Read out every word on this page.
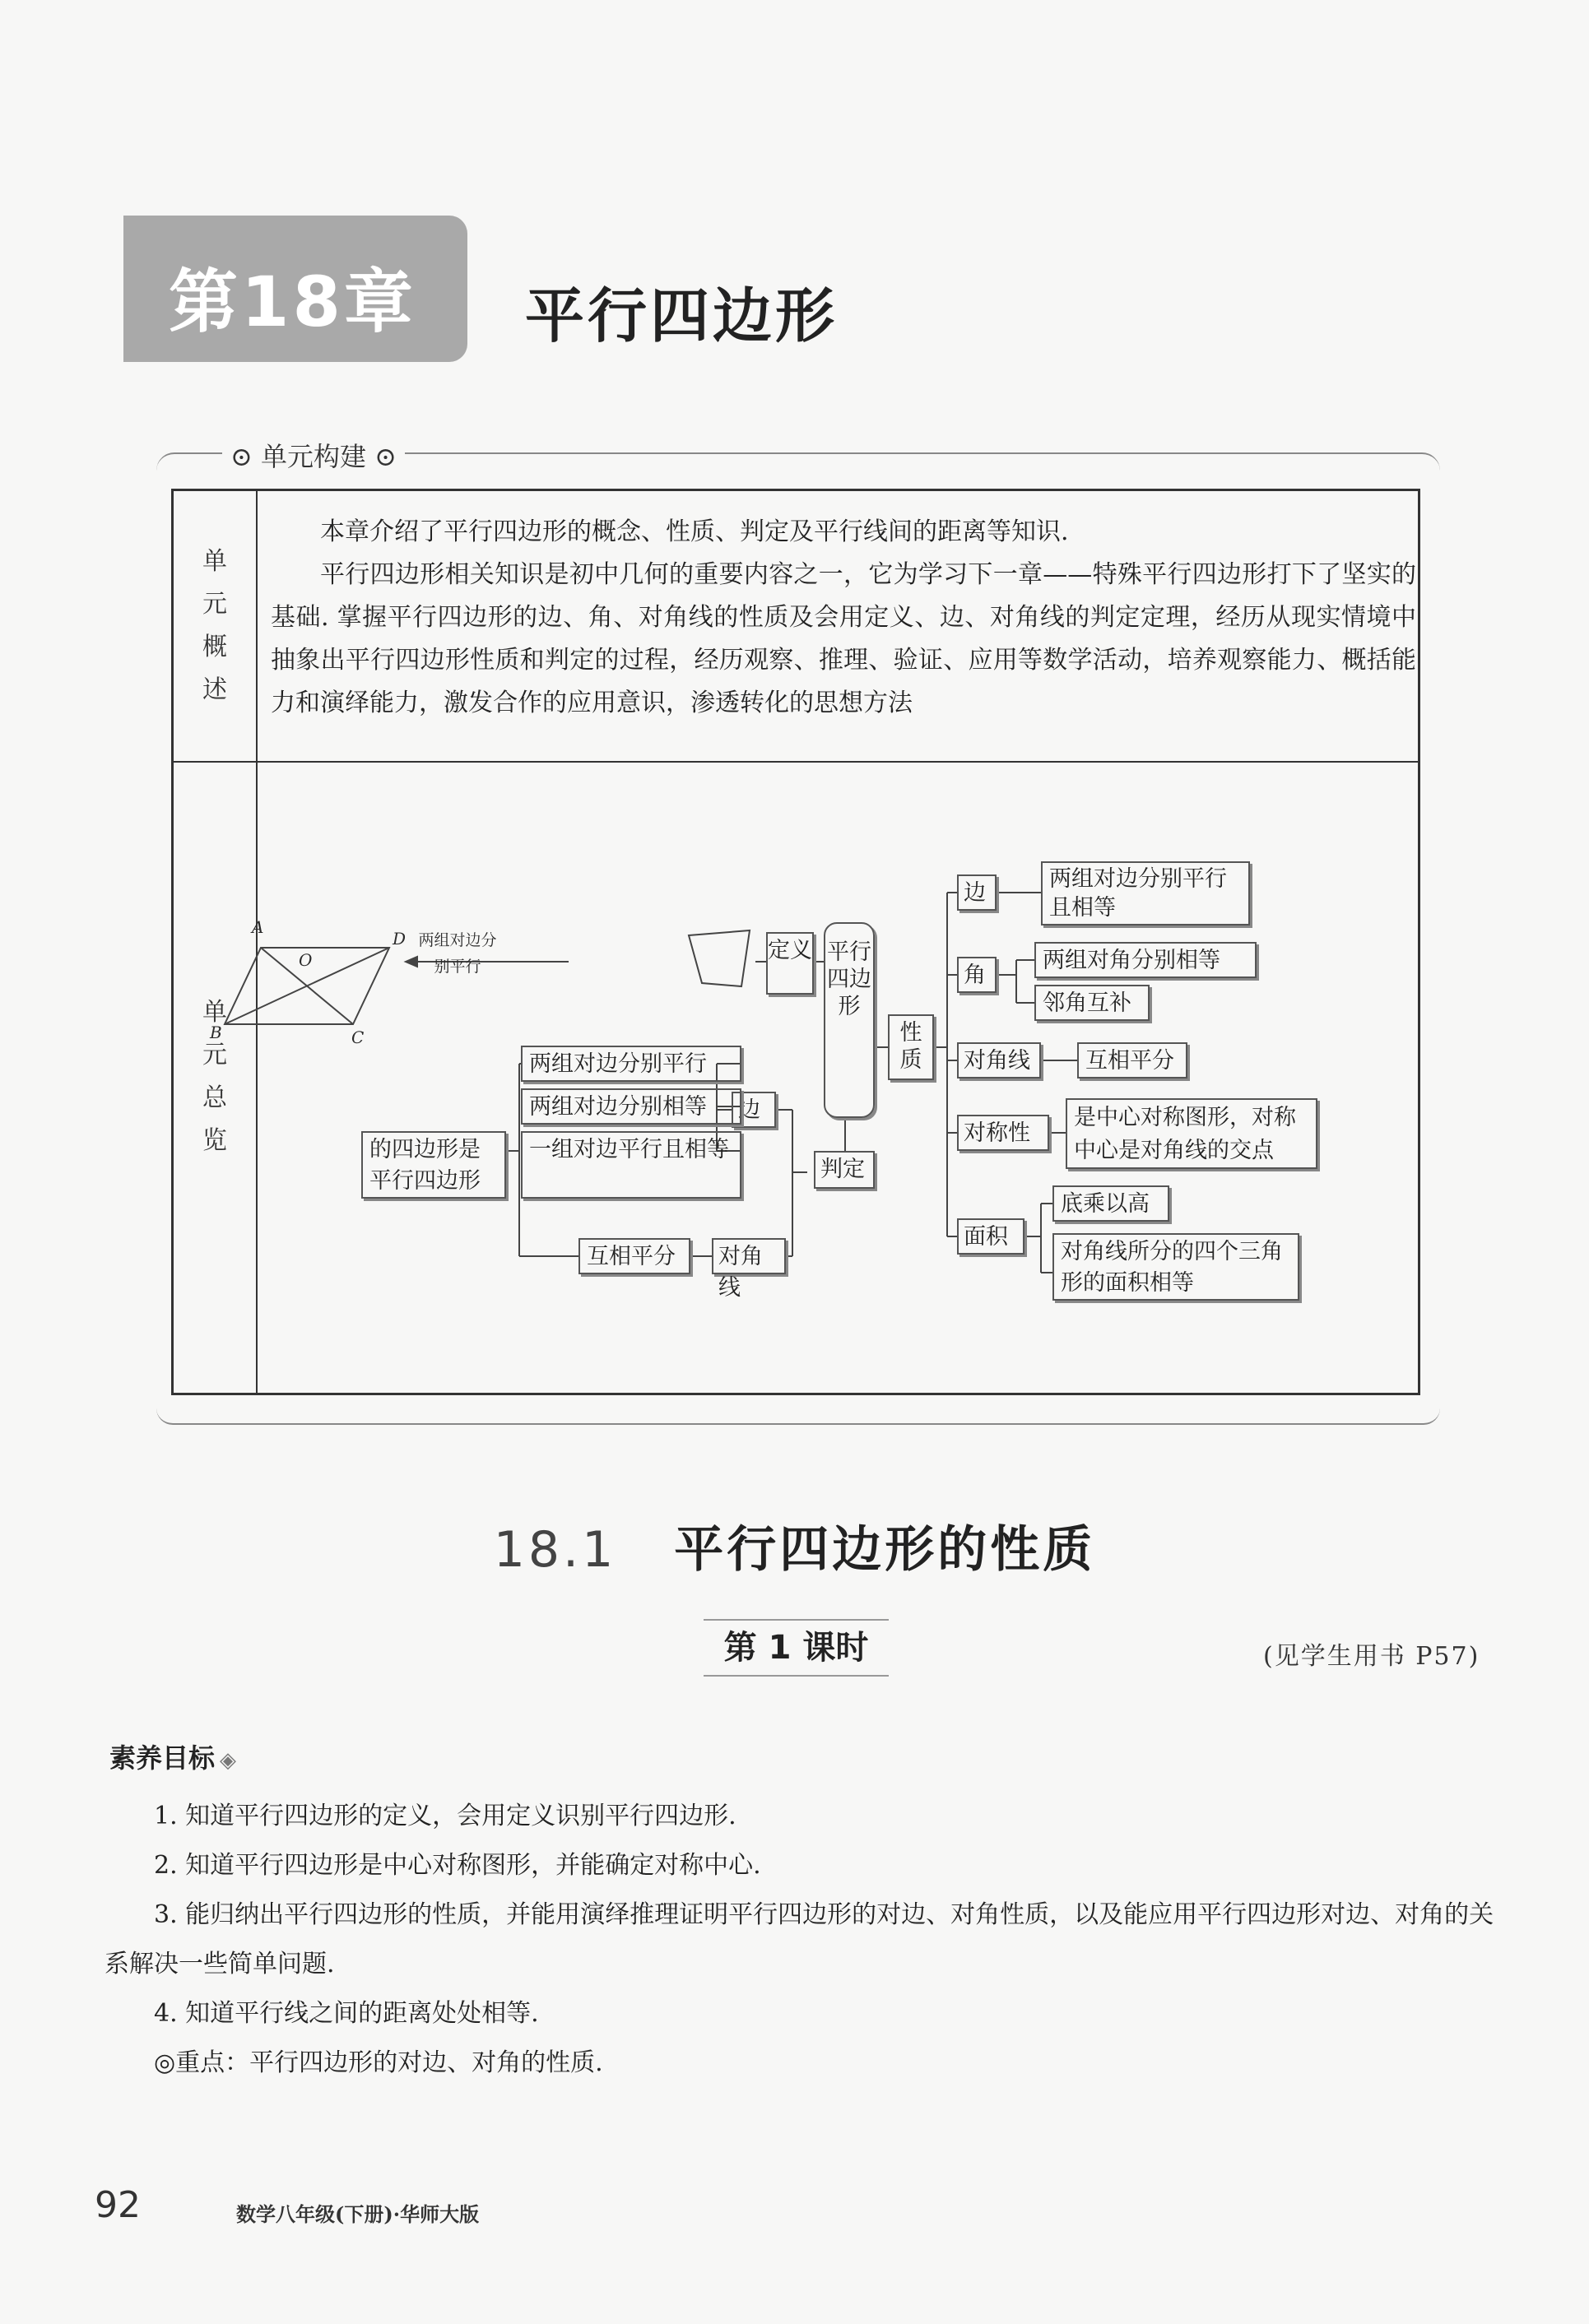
第18章 平行四边形
⊙ 单元构建 ⊙
单
元
概
述

本章介绍了平行四边形的概念、性质、判定及平行线间的距离等知识.

平行四边形相关知识是初中几何的重要内容之一，它为学习下一章——特殊平行四边形打下了坚实的基础. 掌握平行四边形的边、角、对角线的性质及会用定义、边、对角线的判定定理，经历从现实情境中抽象出平行四边形性质和判定的过程，经历观察、推理、验证、应用等数学活动，培养观察能力、概括能力和演绎能力，激发合作的应用意识，渗透转化的思想方法

单
元
总
览
A
D
O
B	C
两组对边分别平行
定义 平行四边形
性质
判定
边
两组对边分别平行且相等
角
两组对角分别相等
邻角互补
对角线	互相平分
对称性
是中心对称图形，对称中心是对角线的交点
面积
底乘以高
对角线所分的四个三角形的面积相等
边
两组对边分别平行
两组对边分别相等
一组对边平行且相等
的四边形是平行四边形
对角线
互相平分
18.1 平行四边形的性质
第 1 课时	(见学生用书 P57)
素养目标 ◈

1. 知道平行四边形的定义，会用定义识别平行四边形.

2. 知道平行四边形是中心对称图形，并能确定对称中心.

3. 能归纳出平行四边形的性质，并能用演绎推理证明平行四边形的对边、对角性质，以及能应用平行四边形对边、对角的关系解决一些简单问题.

4. 知道平行线之间的距离处处相等.

◎重点：平行四边形的对边、对角的性质.

92	数学八年级(下册)·华师大版
